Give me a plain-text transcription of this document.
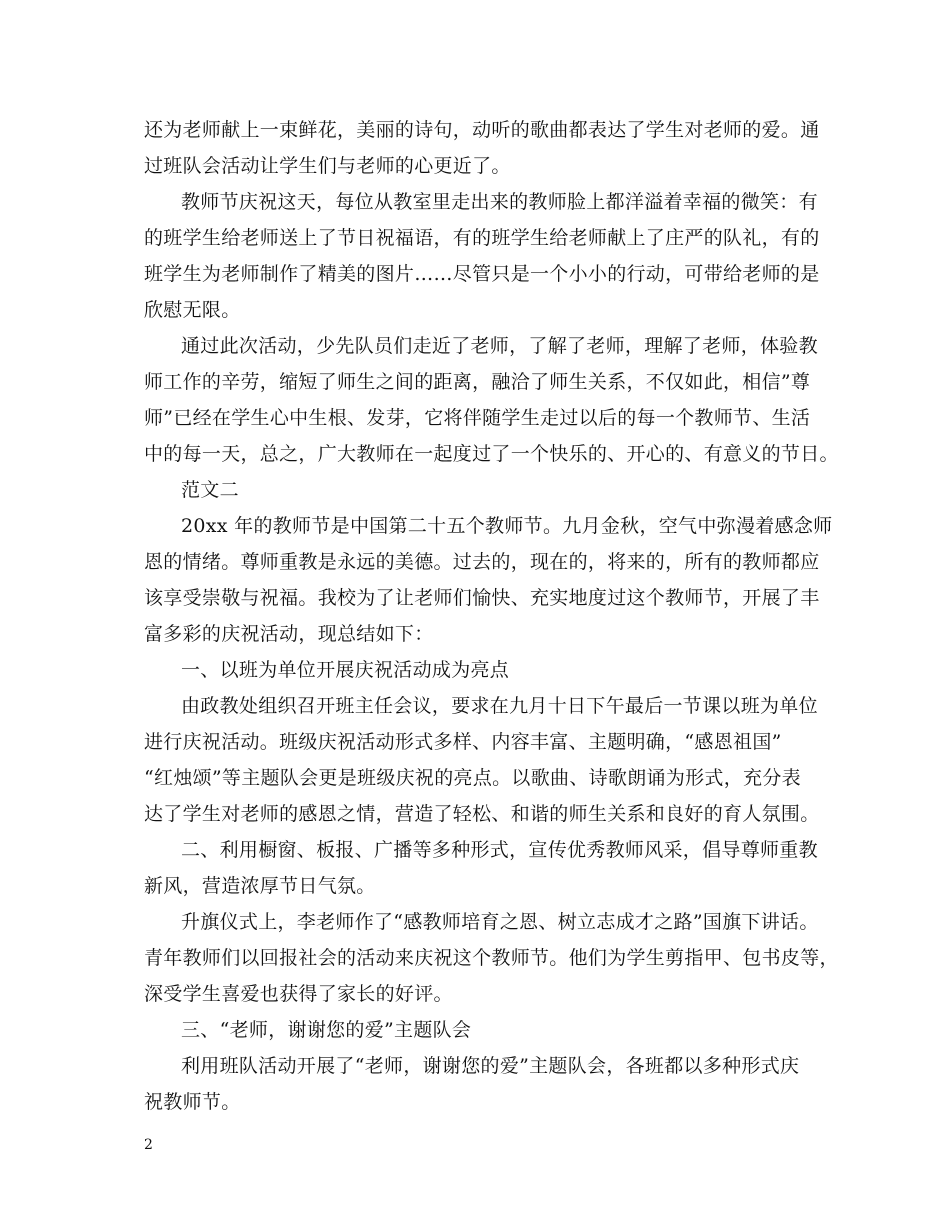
还为老师献上一束鲜花，美丽的诗句，动听的歌曲都表达了学生对老师的爱。通
过班队会活动让学生们与老师的心更近了。
教师节庆祝这天，每位从教室里走出来的教师脸上都洋溢着幸福的微笑：有
的班学生给老师送上了节日祝福语，有的班学生给老师献上了庄严的队礼，有的
班学生为老师制作了精美的图片……尽管只是一个小小的行动，可带给老师的是
欣慰无限。
通过此次活动，少先队员们走近了老师，了解了老师，理解了老师，体验教
师工作的辛劳，缩短了师生之间的距离，融洽了师生关系，不仅如此，相信”尊
师”已经在学生心中生根、发芽，它将伴随学生走过以后的每一个教师节、生活
中的每一天，总之，广大教师在一起度过了一个快乐的、开心的、有意义的节日。
范文二
20xx 年的教师节是中国第二十五个教师节。九月金秋，空气中弥漫着感念师
恩的情绪。尊师重教是永远的美德。过去的，现在的，将来的，所有的教师都应
该享受崇敬与祝福。我校为了让老师们愉快、充实地度过这个教师节，开展了丰
富多彩的庆祝活动，现总结如下：
一、以班为单位开展庆祝活动成为亮点
由政教处组织召开班主任会议，要求在九月十日下午最后一节课以班为单位
进行庆祝活动。班级庆祝活动形式多样、内容丰富、主题明确，“感恩祖国”
“红烛颂”等主题队会更是班级庆祝的亮点。以歌曲、诗歌朗诵为形式，充分表
达了学生对老师的感恩之情，营造了轻松、和谐的师生关系和良好的育人氛围。
二、利用橱窗、板报、广播等多种形式，宣传优秀教师风采，倡导尊师重教
新风，营造浓厚节日气氛。
升旗仪式上，李老师作了“感教师培育之恩、树立志成才之路”国旗下讲话。
青年教师们以回报社会的活动来庆祝这个教师节。他们为学生剪指甲、包书皮等，
深受学生喜爱也获得了家长的好评。
三、“老师，谢谢您的爱”主题队会
利用班队活动开展了“老师，谢谢您的爱”主题队会，各班都以多种形式庆
祝教师节。
2
